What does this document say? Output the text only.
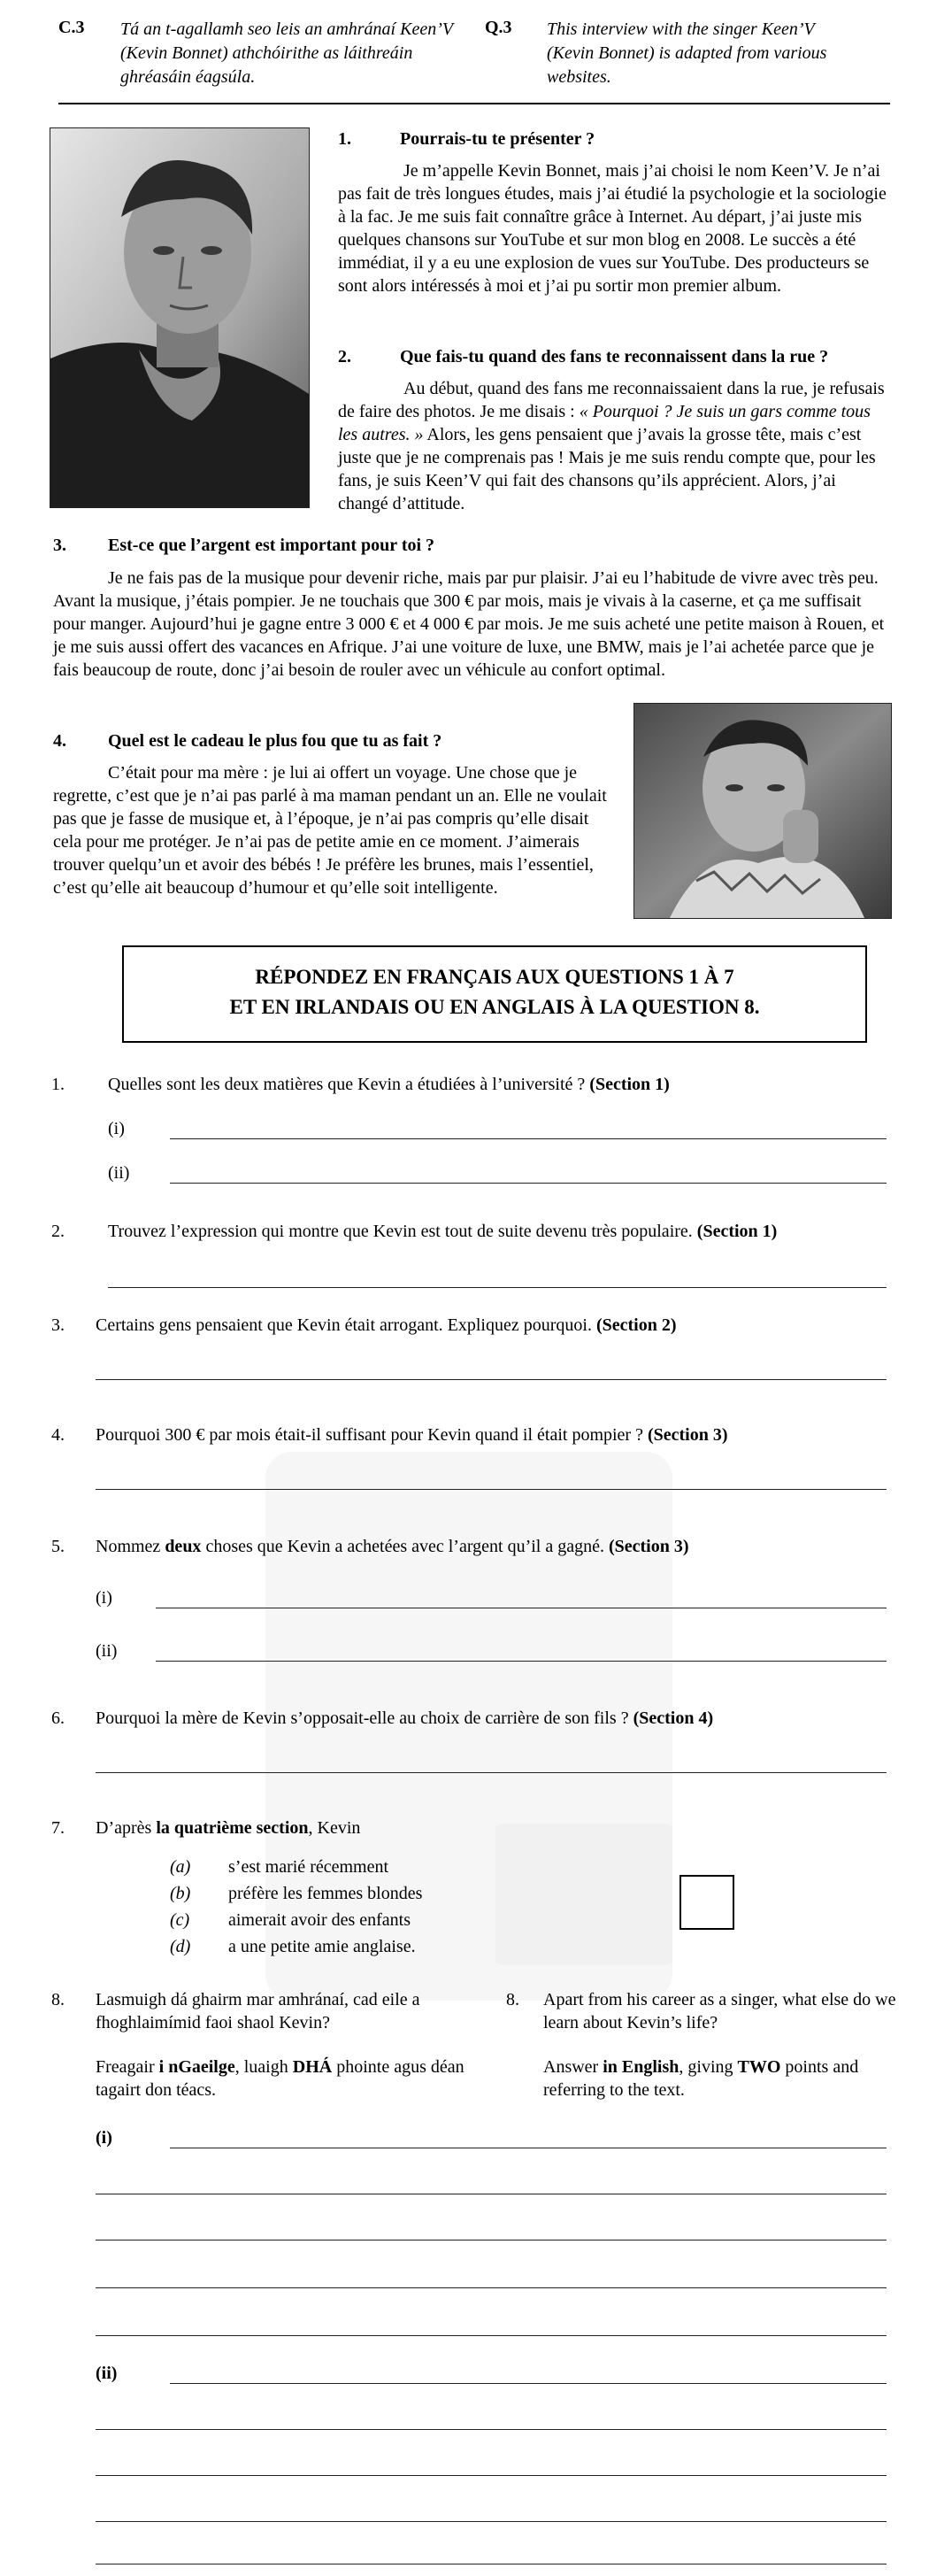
C.3 Tá an t-agallamh seo leis an amhránaí Keen’V (Kevin Bonnet) athchóirithe as láithreáin ghréasáin éagsúla.
Q.3 This interview with the singer Keen’V (Kevin Bonnet) is adapted from various websites.
1.	Pourrais-tu te présenter ?

Je m’appelle Kevin Bonnet, mais j’ai choisi le nom Keen’V. Je n’ai pas fait de très longues études, mais j’ai étudié la psychologie et la sociologie à la fac. Je me suis fait connaître grâce à Internet. Au départ, j’ai juste mis quelques chansons sur YouTube et sur mon blog en 2008. Le succès a été immédiat, il y a eu une explosion de vues sur YouTube. Des producteurs se sont alors intéressés à moi et j’ai pu sortir mon premier album.

2.	Que fais-tu quand des fans te reconnaissent dans la rue ?

Au début, quand des fans me reconnaissaient dans la rue, je refusais de faire des photos. Je me disais : « Pourquoi ? Je suis un gars comme tous les autres. » Alors, les gens pensaient que j’avais la grosse tête, mais c’est juste que je ne comprenais pas ! Mais je me suis rendu compte que, pour les fans, je suis Keen’V qui fait des chansons qu’ils apprécient. Alors, j’ai changé d’attitude.

3. Est-ce que l’argent est important pour toi ?

Je ne fais pas de la musique pour devenir riche, mais par pur plaisir. J’ai eu l’habitude de vivre avec très peu. Avant la musique, j’étais pompier. Je ne touchais que 300 € par mois, mais je vivais à la caserne, et ça me suffisait pour manger. Aujourd’hui je gagne entre 3 000 € et 4 000 € par mois. Je me suis acheté une petite maison à Rouen, et je me suis aussi offert des vacances en Afrique. J’ai une voiture de luxe, une BMW, mais je l’ai achetée parce que je fais beaucoup de route, donc j’ai besoin de rouler avec un véhicule au confort optimal.

4. Quel est le cadeau le plus fou que tu as fait ?

C’était pour ma mère : je lui ai offert un voyage. Une chose que je regrette, c’est que je n’ai pas parlé à ma maman pendant un an. Elle ne voulait pas que je fasse de musique et, à l’époque, je n’ai pas compris qu’elle disait cela pour me protéger. Je n’ai pas de petite amie en ce moment. J’aimerais trouver quelqu’un et avoir des bébés ! Je préfère les brunes, mais l’essentiel, c’est qu’elle ait beaucoup d’humour et qu’elle soit intelligente.

RÉPONDEZ EN FRANÇAIS AUX QUESTIONS 1 À 7
ET EN IRLANDAIS OU EN ANGLAIS À LA QUESTION 8.
1. Quelles sont les deux matières que Kevin a étudiées à l’université ? (Section 1)
(i)
(ii)
2. Trouvez l’expression qui montre que Kevin est tout de suite devenu très populaire. (Section 1)
3. Certains gens pensaient que Kevin était arrogant. Expliquez pourquoi. (Section 2)
4. Pourquoi 300 € par mois était-il suffisant pour Kevin quand il était pompier ? (Section 3)
5. Nommez deux choses que Kevin a achetées avec l’argent qu’il a gagné. (Section 3)
(i)
(ii)
6. Pourquoi la mère de Kevin s’opposait-elle au choix de carrière de son fils ? (Section 4)
7. D’après la quatrième section, Kevin
(a) s’est marié récemment
(b) préfère les femmes blondes
(c) aimerait avoir des enfants
(d) a une petite amie anglaise.
8. Lasmuigh dá ghairm mar amhránaí, cad eile a fhoghlaimímid faoi shaol Kevin?
Freagair i nGaeilge, luaigh DHÁ phointe agus déan tagairt don téacs.
8. Apart from his career as a singer, what else do we learn about Kevin’s life?
Answer in English, giving TWO points and referring to the text.
(i)
(ii)
